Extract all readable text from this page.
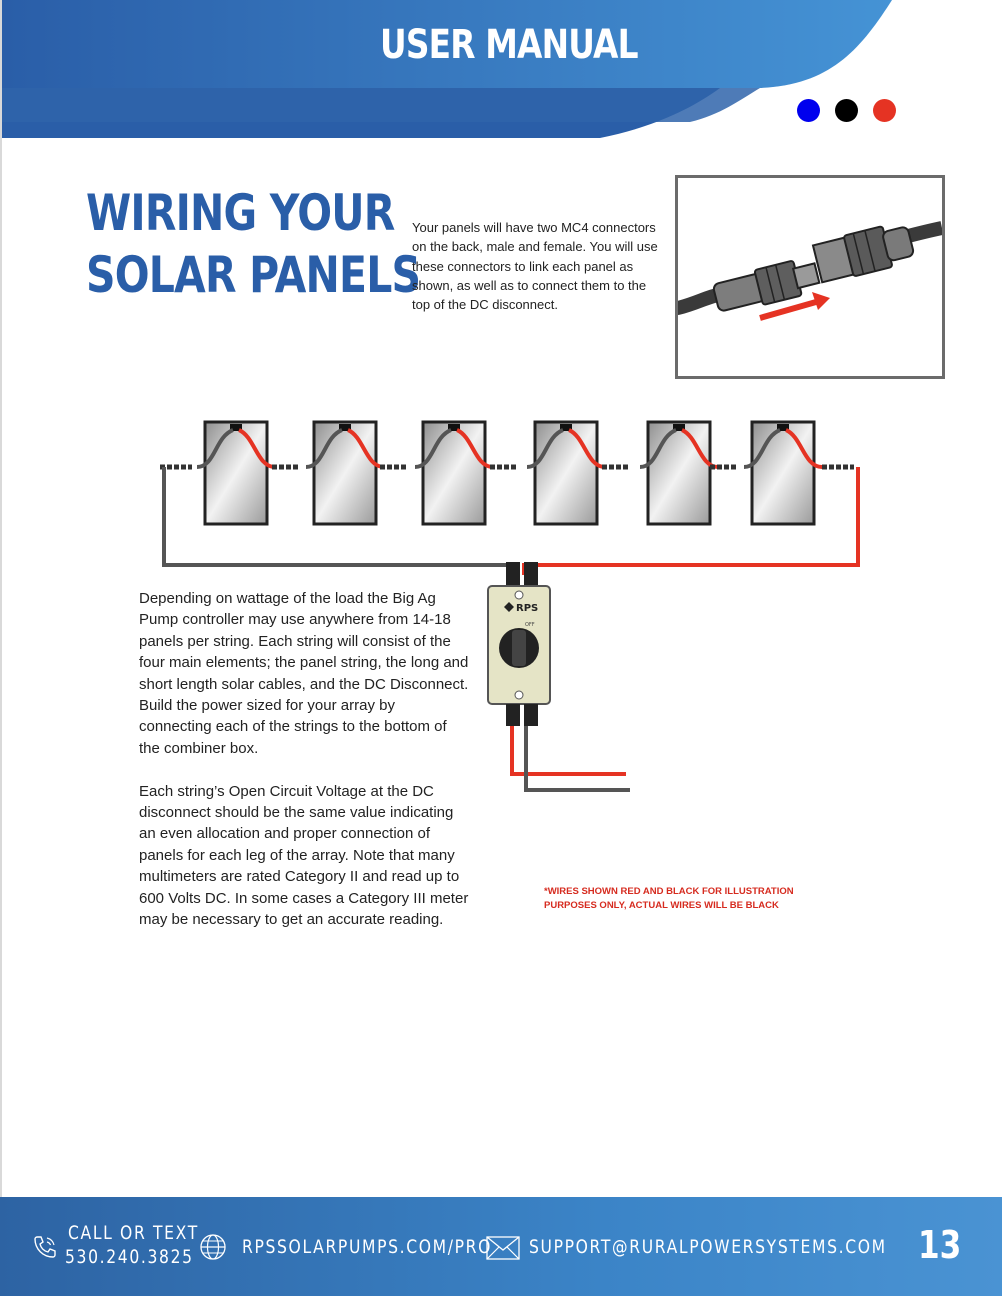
USER MANUAL
WIRING YOUR
SOLAR PANELS
Your panels will have two MC4 connectors on the back, male and female. You will use these connectors to link each panel as shown, as well as to connect them to the top of the DC disconnect.
RPS
OFF

Depending on wattage of the load the Big Ag Pump controller may use anywhere from 14-18 panels per string. Each string will consist of the four main elements; the panel string, the long and short length solar cables, and the DC Disconnect. Build the power sized for your array by connecting each of the strings to the bottom of the combiner box.

Each string’s Open Circuit Voltage at the DC disconnect should be the same value indicating an even allocation and proper connection of panels for each leg of the array. Note that many multimeters are rated Category II and read up to 600 Volts DC. In some cases a Category III meter may be necessary to get an accurate reading.

*WIRES SHOWN RED AND BLACK FOR ILLUSTRATION
PURPOSES ONLY, ACTUAL WIRES WILL BE BLACK
CALL OR TEXT
530.240.3825	RPSSOLARPUMPS.COM/PRO SUPPORT@RURALPOWERSYSTEMS.COM 13
